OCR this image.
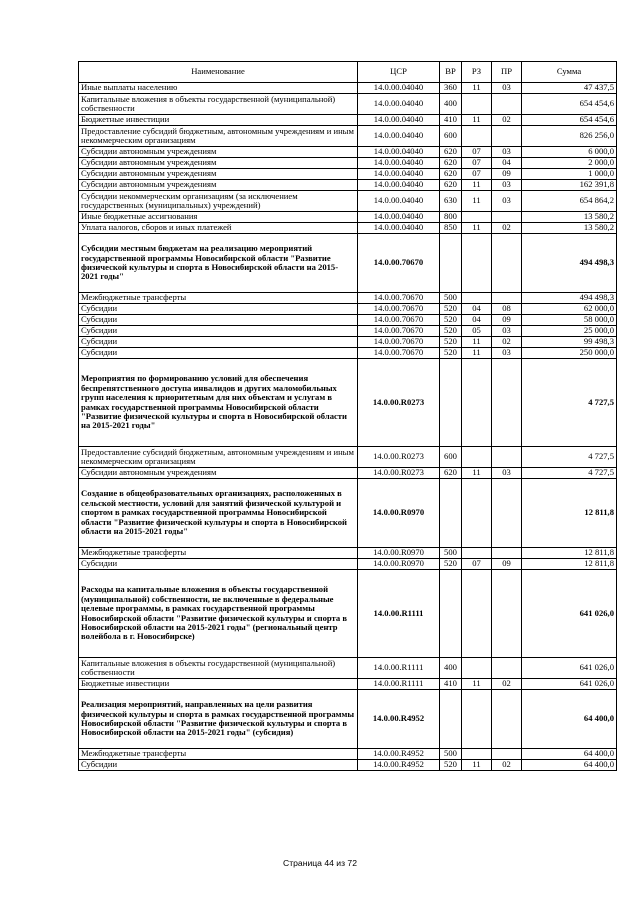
Наименование	ЦСР	ВР	РЗ	ПР	Сумма
Иные выплаты населению	14.0.00.04040	360	11	03	47 437,5
Капитальные вложения в объекты государственной (муниципальной) собственности	14.0.00.04040	400			654 454,6
Бюджетные инвестиции	14.0.00.04040	410	11	02	654 454,6
Предоставление субсидий бюджетным, автономным учреждениям и иным некоммерческим организациям	14.0.00.04040	600			826 256,0
Субсидии автономным учреждениям	14.0.00.04040	620	07	03	6 000,0
Субсидии автономным учреждениям	14.0.00.04040	620	07	04	2 000,0
Субсидии автономным учреждениям	14.0.00.04040	620	07	09	1 000,0
Субсидии автономным учреждениям	14.0.00.04040	620	11	03	162 391,8
Субсидии некоммерческим организациям (за исключением государственных (муниципальных) учреждений)	14.0.00.04040	630	11	03	654 864,2
Иные бюджетные ассигнования	14.0.00.04040	800			13 580,2
Уплата налогов, сборов и иных платежей	14.0.00.04040	850	11	02	13 580,2
Субсидии местным бюджетам на реализацию мероприятий государственной программы Новосибирской области "Развитие физической культуры и спорта в Новосибирской области на 2015-2021 годы"	14.0.00.70670				494 498,3
Межбюджетные трансферты	14.0.00.70670	500			494 498,3
Субсидии	14.0.00.70670	520	04	08	62 000,0
Субсидии	14.0.00.70670	520	04	09	58 000,0
Субсидии	14.0.00.70670	520	05	03	25 000,0
Субсидии	14.0.00.70670	520	11	02	99 498,3
Субсидии	14.0.00.70670	520	11	03	250 000,0
Мероприятия по формированию условий для обеспечения беспрепятственного доступа инвалидов и других маломобильных групп населения к приоритетным для них объектам и услугам в рамках государственной программы Новосибирской области "Развитие физической культуры и спорта в Новосибирской области на 2015-2021 годы"	14.0.00.R0273				4 727,5
Предоставление субсидий бюджетным, автономным учреждениям и иным некоммерческим организациям	14.0.00.R0273	600			4 727,5
Субсидии автономным учреждениям	14.0.00.R0273	620	11	03	4 727,5
Создание в общеобразовательных организациях, расположенных в сельской местности, условий для занятий физической культурой и спортом в рамках государственной программы Новосибирской области "Развитие физической культуры и спорта в Новосибирской области на 2015-2021 годы"	14.0.00.R0970				12 811,8
Межбюджетные трансферты	14.0.00.R0970	500			12 811,8
Субсидии	14.0.00.R0970	520	07	09	12 811,8
Расходы на капитальные вложения в объекты государственной (муниципальной) собственности, не включенные в федеральные целевые программы, в рамках государственной программы Новосибирской области "Развитие физической культуры и спорта в Новосибирской области на 2015-2021 годы" (региональный центр волейбола в г. Новосибирске)	14.0.00.R1111				641 026,0
Капитальные вложения в объекты государственной (муниципальной) собственности	14.0.00.R1111	400			641 026,0
Бюджетные инвестиции	14.0.00.R1111	410	11	02	641 026,0
Реализация мероприятий, направленных на цели развития физической культуры и спорта в рамках государственной программы Новосибирской области "Развитие физической культуры и спорта в Новосибирской области на 2015-2021 годы" (субсидия)	14.0.00.R4952				64 400,0
Межбюджетные трансферты	14.0.00.R4952	500			64 400,0
Субсидии	14.0.00.R4952	520	11	02	64 400,0
Страница 44 из 72
